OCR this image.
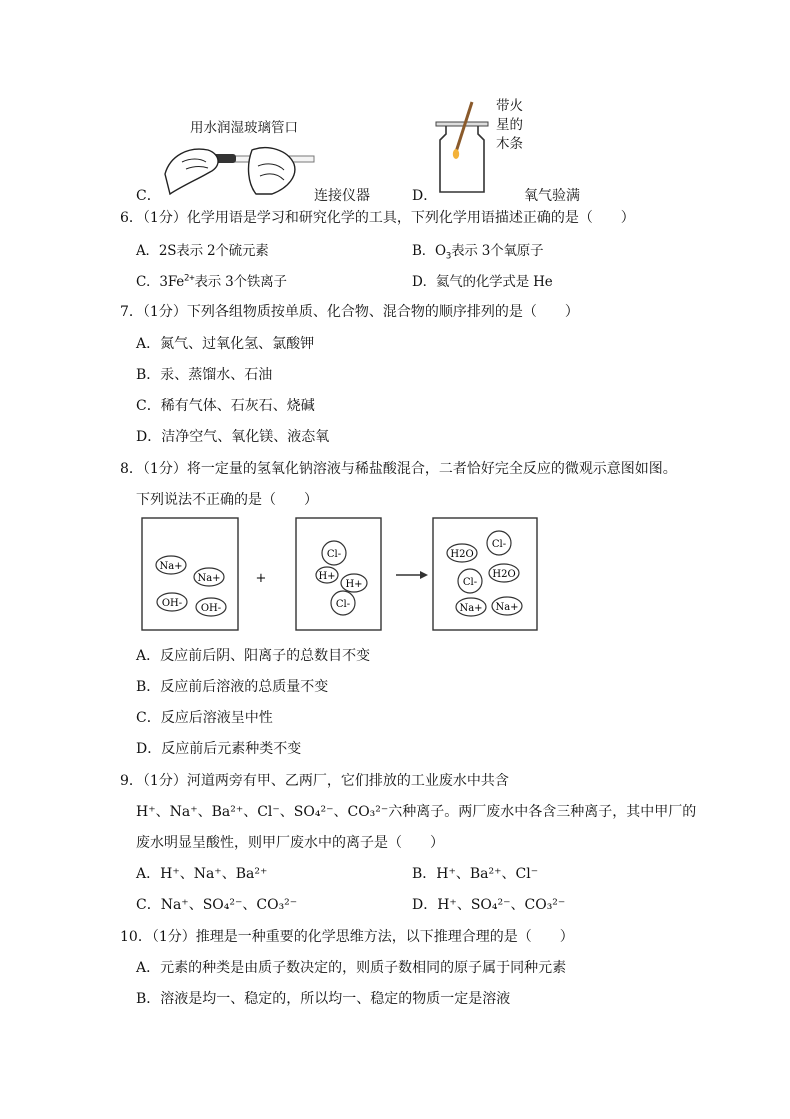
用水润湿玻璃管口
C．	连接仪器
带火
星的
木条
D．	氧气验满
6．（1分）化学用语是学习和研究化学的工具，下列化学用语描述正确的是（　　）
A．2S表示 2个硫元素	B．$O_3$表示 3个氧原子
C．$3Fe^{2+}$表示 3个铁离子	D．氦气的化学式是 He
7．（1分）下列各组物质按单质、化合物、混合物的顺序排列的是（　　）
A．氮气、过氧化氢、氯酸钾
B．汞、蒸馏水、石油
C．稀有气体、石灰石、烧碱
D．洁净空气、氧化镁、液态氧
8．（1分）将一定量的氢氧化钠溶液与稀盐酸混合，二者恰好完全反应的微观示意图如图。
下列说法不正确的是（　　）
Na+
Na+
OH- OH-
+
Cl-
H+
H+
Cl-
H2O
Cl-
Cl-
H2O
Na+ Na+
A．反应前后阴、阳离子的总数目不变
B．反应前后溶液的总质量不变
C．反应后溶液呈中性
D．反应前后元素种类不变
9．（1分）河道两旁有甲、乙两厂，它们排放的工业废水中共含
H⁺、Na⁺、Ba²⁺、Cl⁻、SO₄²⁻、CO₃²⁻六种离子。两厂废水中各含三种离子，其中甲厂的
废水明显呈酸性，则甲厂废水中的离子是（　　）
A．H⁺、Na⁺、Ba²⁺	B．H⁺、Ba²⁺、Cl⁻
C．Na⁺、SO₄²⁻、CO₃²⁻	D．H⁺、SO₄²⁻、CO₃²⁻
10．（1分）推理是一种重要的化学思维方法，以下推理合理的是（　　）
A．元素的种类是由质子数决定的，则质子数相同的原子属于同种元素
B．溶液是均一、稳定的，所以均一、稳定的物质一定是溶液
